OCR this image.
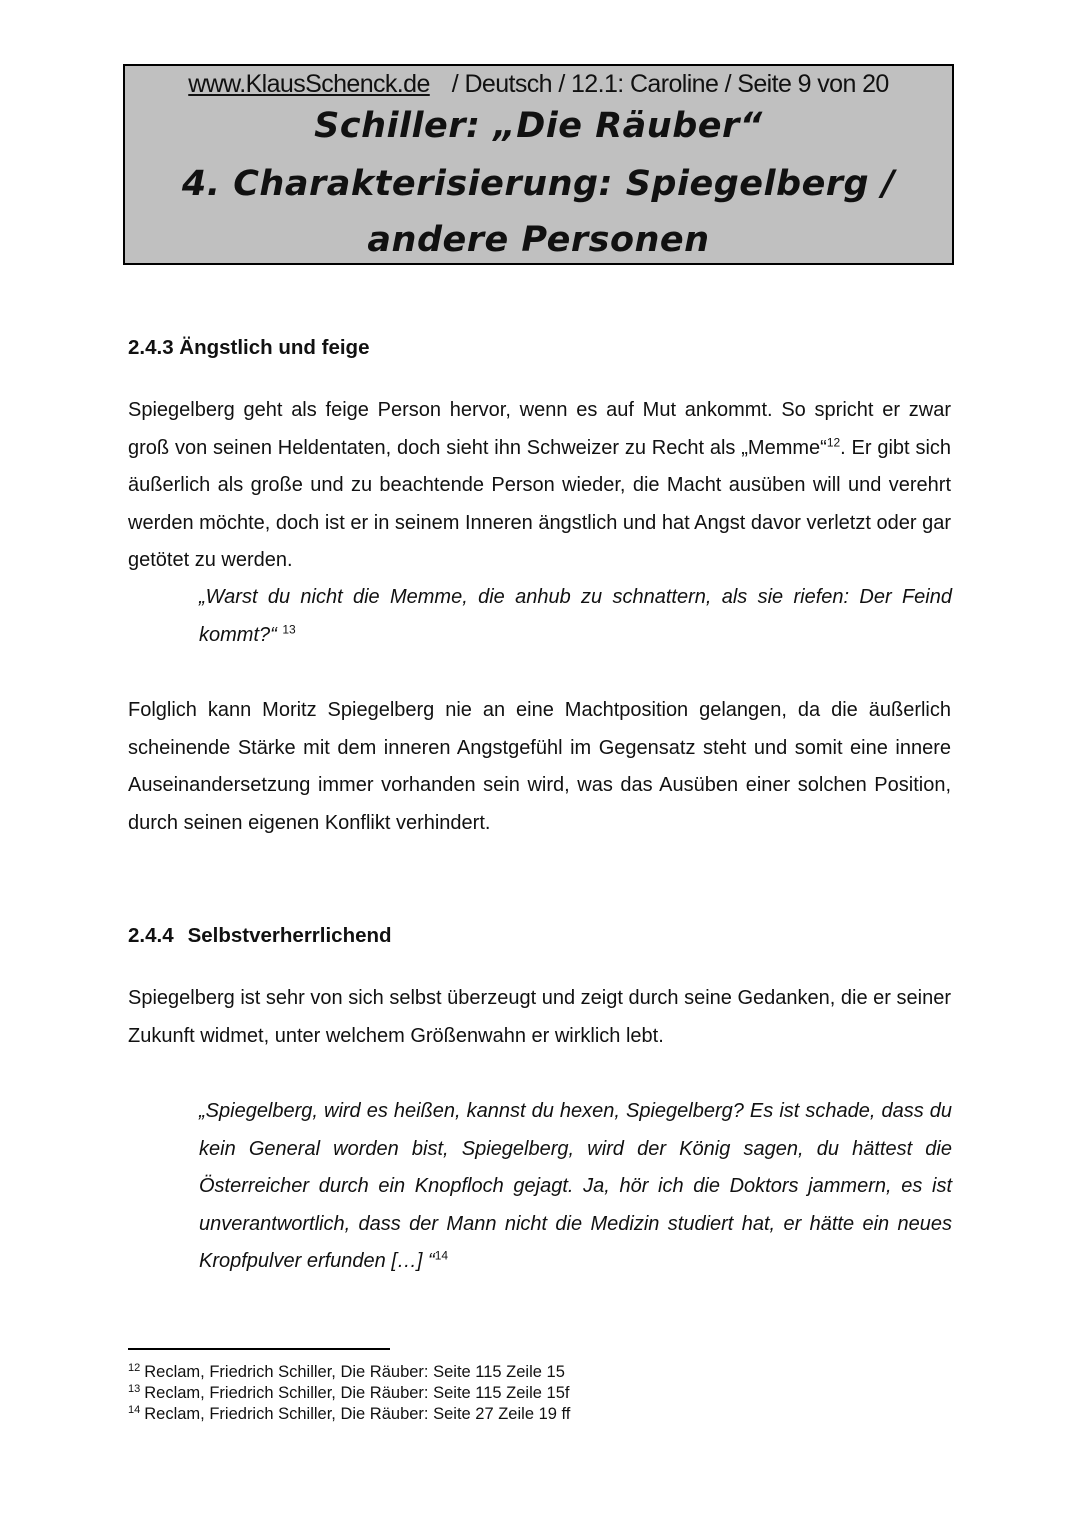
www.KlausSchenck.de / Deutsch / 12.1: Caroline / Seite 9 von 20
Schiller: „Die Räuber“
4. Charakterisierung: Spiegelberg /
andere Personen
2.4.3 Ängstlich und feige

Spiegelberg geht als feige Person hervor, wenn es auf Mut ankommt. So spricht er zwar groß von seinen Heldentaten, doch sieht ihn Schweizer zu Recht als „Memme“$^{12}$. Er gibt sich äußerlich als große und zu beachtende Person wieder, die Macht ausüben will und verehrt werden möchte, doch ist er in seinem Inneren ängstlich und hat Angst davor verletzt oder gar getötet zu werden.

„Warst du nicht die Memme, die anhub zu schnattern, als sie riefen: Der Feind kommt?“ $^{13}$

Folglich kann Moritz Spiegelberg nie an eine Machtposition gelangen, da die äußerlich scheinende Stärke mit dem inneren Angstgefühl im Gegensatz steht und somit eine innere Auseinandersetzung immer vorhanden sein wird, was das Ausüben einer solchen Position, durch seinen eigenen Konflikt verhindert.

2.4.4 Selbstverherrlichend

Spiegelberg ist sehr von sich selbst überzeugt und zeigt durch seine Gedanken, die er seiner Zukunft widmet, unter welchem Größenwahn er wirklich lebt.

„Spiegelberg, wird es heißen, kannst du hexen, Spiegelberg? Es ist schade, dass du kein General worden bist, Spiegelberg, wird der König sagen, du hättest die Österreicher durch ein Knopfloch gejagt. Ja, hör ich die Doktors jammern, es ist unverantwortlich, dass der Mann nicht die Medizin studiert hat, er hätte ein neues Kropfpulver erfunden […] “$^{14}$

$^{12}$ Reclam, Friedrich Schiller, Die Räuber: Seite 115 Zeile 15
$^{13}$ Reclam, Friedrich Schiller, Die Räuber: Seite 115 Zeile 15f
$^{14}$ Reclam, Friedrich Schiller, Die Räuber: Seite 27 Zeile 19 ff
